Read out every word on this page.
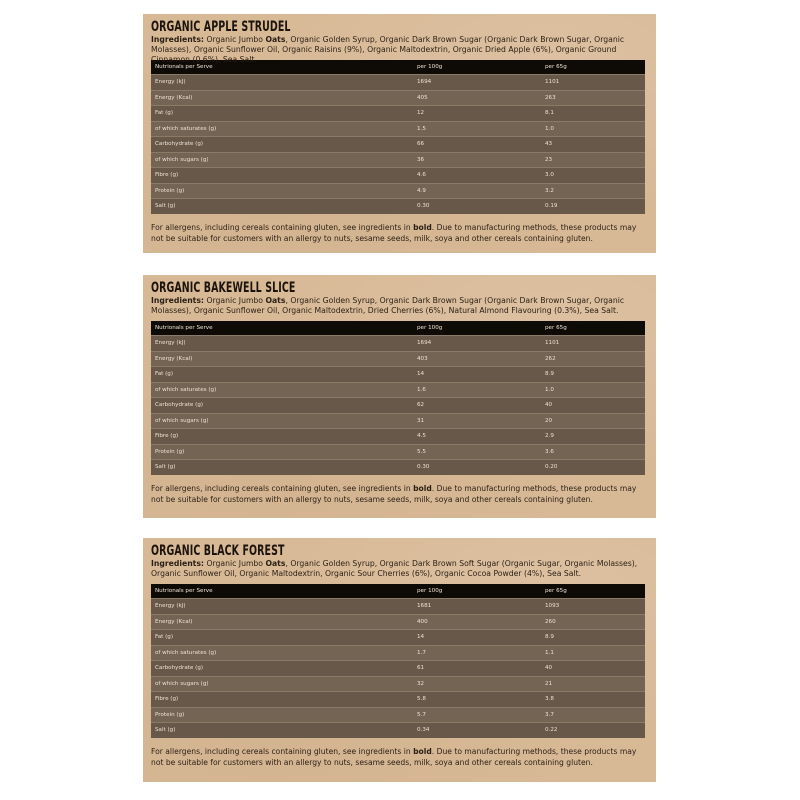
ORGANIC APPLE STRUDEL
Ingredients: Organic Jumbo Oats, Organic Golden Syrup, Organic Dark Brown Sugar (Organic Dark Brown Sugar, Organic Molasses), Organic Sunflower Oil, Organic Raisins (9%), Organic Maltodextrin, Organic Dried Apple (6%), Organic Ground Cinnamon (0.6%), Sea Salt.
Nutrionals per Serve	per 100g	per 65g
Energy (kJ)	1694	1101
Energy (Kcal)	405	263
Fat (g)	12	8.1
of which saturates (g)	1.5	1.0
Carbohydrate (g)	66	43
of which sugars (g)	36	23
Fibre (g)	4.6	3.0
Protein (g)	4.9	3.2
Salt (g)	0.30	0.19
For allergens, including cereals containing gluten, see ingredients in bold. Due to manufacturing methods, these products may not be suitable for customers with an allergy to nuts, sesame seeds, milk, soya and other cereals containing gluten.
ORGANIC BAKEWELL SLICE
Ingredients: Organic Jumbo Oats, Organic Golden Syrup, Organic Dark Brown Sugar (Organic Dark Brown Sugar, Organic Molasses), Organic Sunflower Oil, Organic Maltodextrin, Dried Cherries (6%), Natural Almond Flavouring (0.3%), Sea Salt.
Nutrionals per Serve	per 100g	per 65g
Energy (kJ)	1694	1101
Energy (Kcal)	403	262
Fat (g)	14	8.9
of which saturates (g)	1.6	1.0
Carbohydrate (g)	62	40
of which sugars (g)	31	20
Fibre (g)	4.5	2.9
Protein (g)	5.5	3.6
Salt (g)	0.30	0.20
For allergens, including cereals containing gluten, see ingredients in bold. Due to manufacturing methods, these products may not be suitable for customers with an allergy to nuts, sesame seeds, milk, soya and other cereals containing gluten.
ORGANIC BLACK FOREST
Ingredients: Organic Jumbo Oats, Organic Golden Syrup, Organic Dark Brown Soft Sugar (Organic Sugar, Organic Molasses), Organic Sunflower Oil, Organic Maltodextrin, Organic Sour Cherries (6%), Organic Cocoa Powder (4%), Sea Salt.
Nutrionals per Serve	per 100g	per 65g
Energy (kJ)	1681	1093
Energy (Kcal)	400	260
Fat (g)	14	8.9
of which saturates (g)	1.7	1.1
Carbohydrate (g)	61	40
of which sugars (g)	32	21
Fibre (g)	5.8	3.8
Protein (g)	5.7	3.7
Salt (g)	0.34	0.22
For allergens, including cereals containing gluten, see ingredients in bold. Due to manufacturing methods, these products may not be suitable for customers with an allergy to nuts, sesame seeds, milk, soya and other cereals containing gluten.
